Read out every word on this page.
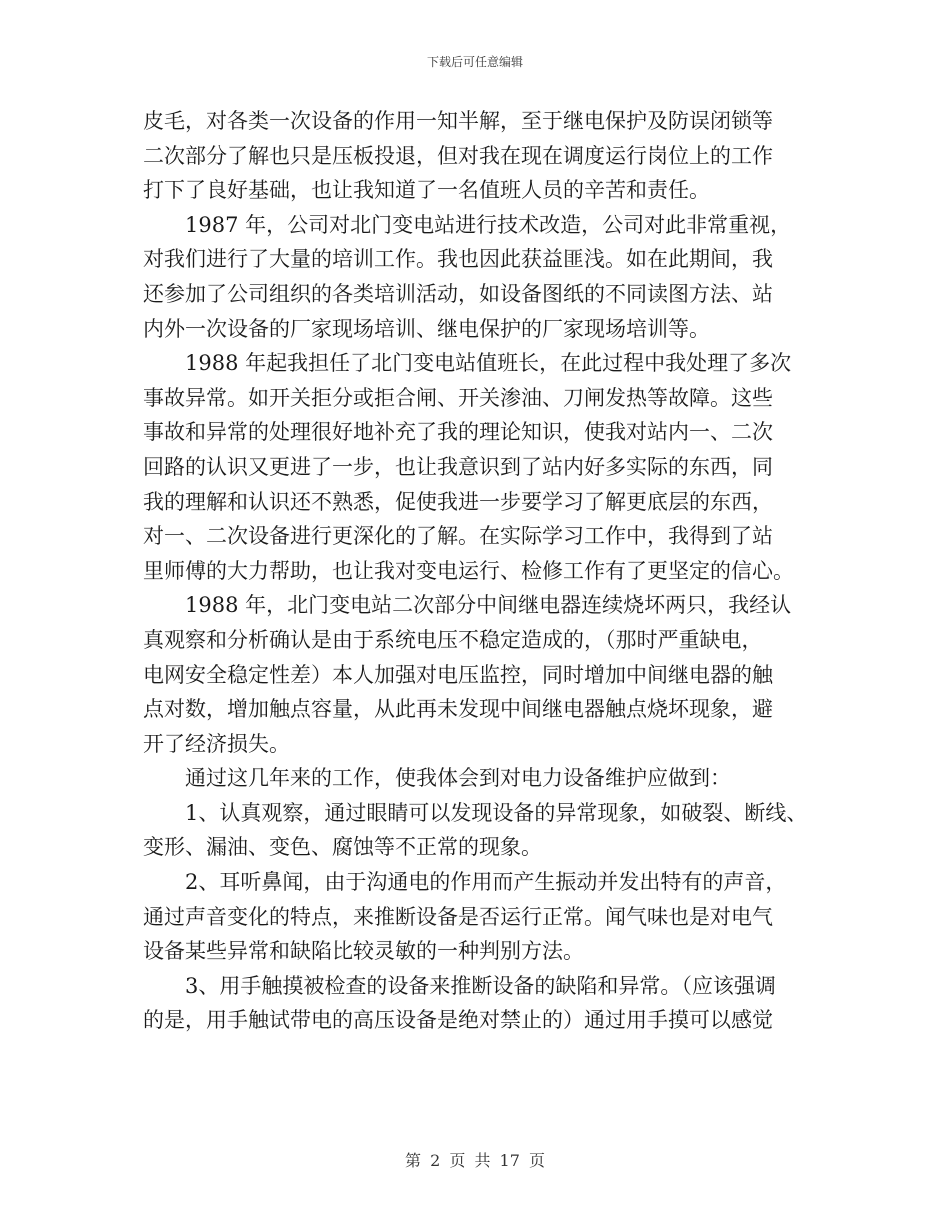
下载后可任意编辑
皮毛，对各类一次设备的作用一知半解，至于继电保护及防误闭锁等
二次部分了解也只是压板投退，但对我在现在调度运行岗位上的工作
打下了良好基础，也让我知道了一名值班人员的辛苦和责任。
1987 年，公司对北门变电站进行技术改造，公司对此非常重视，
对我们进行了大量的培训工作。我也因此获益匪浅。如在此期间，我
还参加了公司组织的各类培训活动，如设备图纸的不同读图方法、站
内外一次设备的厂家现场培训、继电保护的厂家现场培训等。
1988 年起我担任了北门变电站值班长，在此过程中我处理了多次
事故异常。如开关拒分或拒合闸、开关渗油、刀闸发热等故障。这些
事故和异常的处理很好地补充了我的理论知识，使我对站内一、二次
回路的认识又更进了一步，也让我意识到了站内好多实际的东西，同
我的理解和认识还不熟悉，促使我进一步要学习了解更底层的东西，
对一、二次设备进行更深化的了解。在实际学习工作中，我得到了站
里师傅的大力帮助，也让我对变电运行、检修工作有了更坚定的信心。
1988 年，北门变电站二次部分中间继电器连续烧坏两只，我经认
真观察和分析确认是由于系统电压不稳定造成的，（那时严重缺电，
电网安全稳定性差）本人加强对电压监控，同时增加中间继电器的触
点对数，增加触点容量，从此再未发现中间继电器触点烧坏现象，避
开了经济损失。
通过这几年来的工作，使我体会到对电力设备维护应做到：
1、认真观察，通过眼睛可以发现设备的异常现象，如破裂、断线、
变形、漏油、变色、腐蚀等不正常的现象。
2、耳听鼻闻，由于沟通电的作用而产生振动并发出特有的声音，
通过声音变化的特点，来推断设备是否运行正常。闻气味也是对电气
设备某些异常和缺陷比较灵敏的一种判别方法。
3、用手触摸被检查的设备来推断设备的缺陷和异常。（应该强调
的是，用手触试带电的高压设备是绝对禁止的）通过用手摸可以感觉
第 2 页 共 17 页
